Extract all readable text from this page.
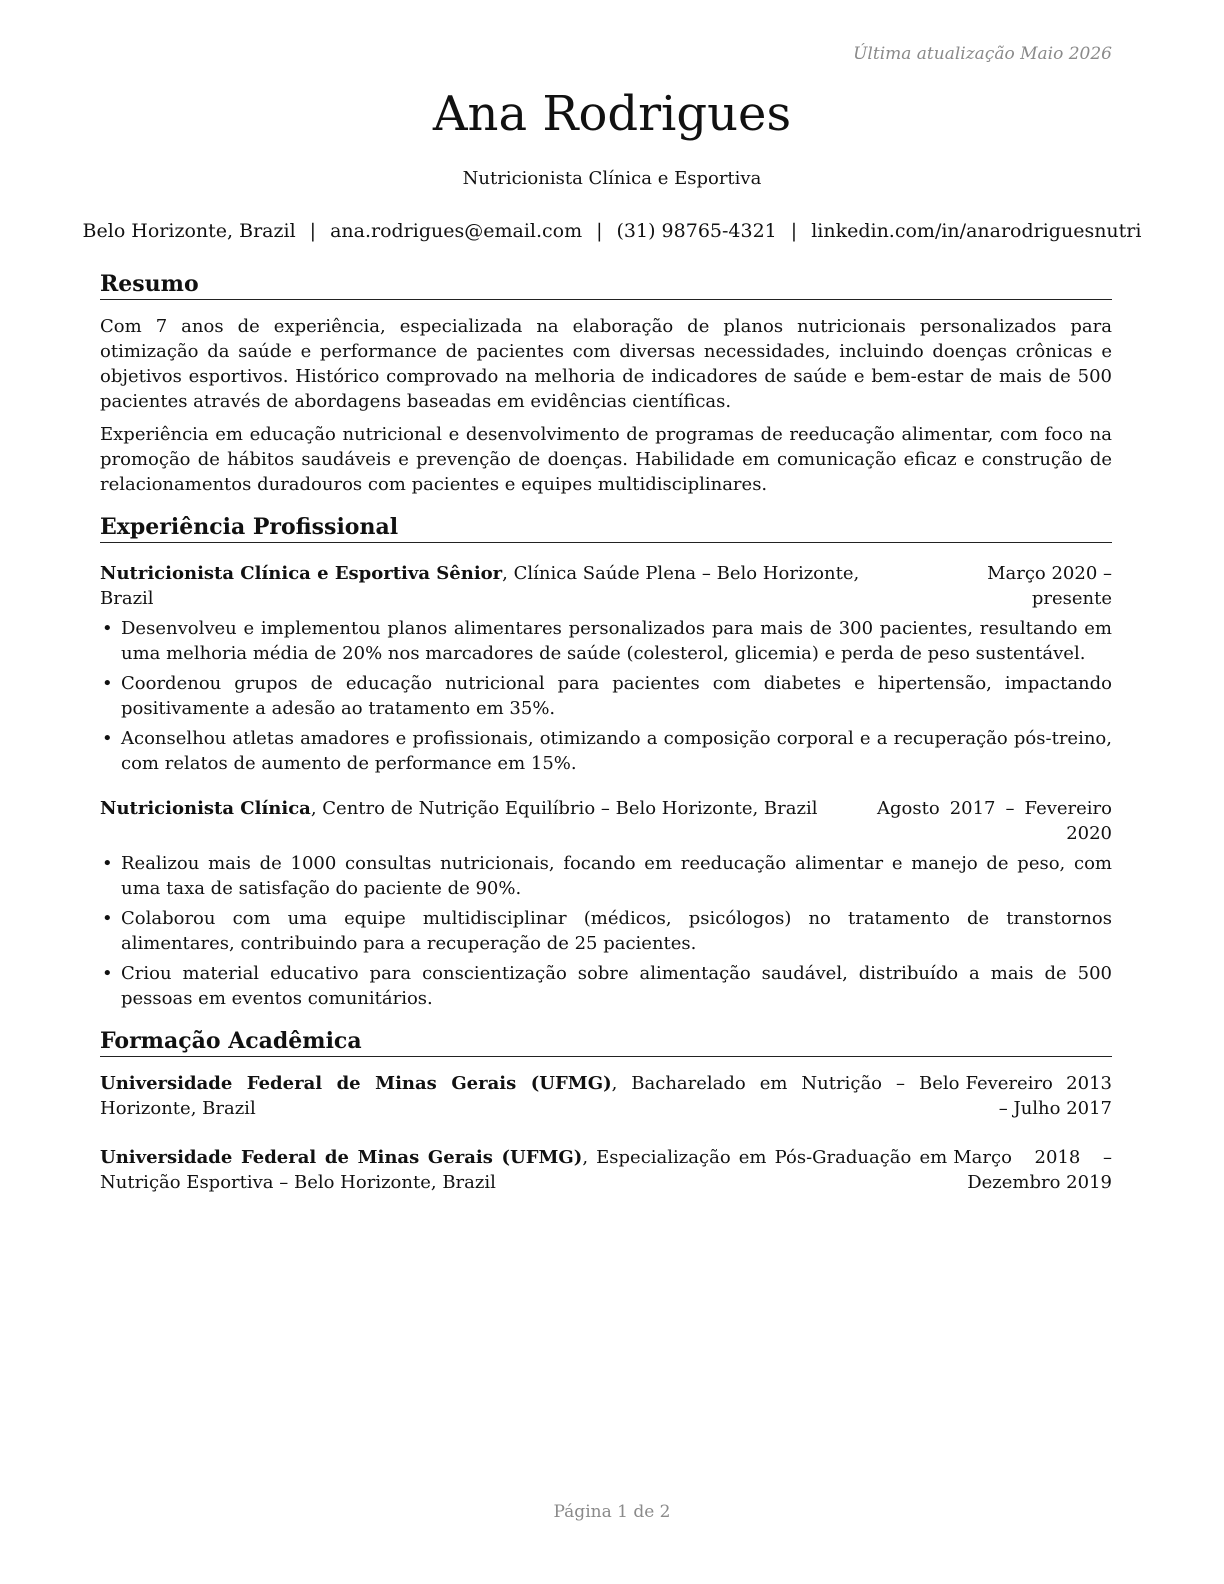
Última atualização Maio 2026
Ana Rodrigues
Nutricionista Clínica e Esportiva
Belo Horizonte, Brazil | ana.rodrigues@email.com | (31) 98765-4321 | linkedin.com/in/anarodriguesnutri
Resumo

Com 7 anos de experiência, especializada na elaboração de planos nutricionais personalizados para otimização da saúde e performance de pacientes com diversas necessidades, incluindo doenças crônicas e objetivos esportivos. Histórico comprovado na melhoria de indicadores de saúde e bem-estar de mais de 500 pacientes através de abordagens baseadas em evidências científicas.

Experiência em educação nutricional e desenvolvimento de programas de reeducação alimentar, com foco na promoção de hábitos saudáveis e prevenção de doenças. Habilidade em comunicação eficaz e construção de relacionamentos duradouros com pacientes e equipes multidisciplinares.

Experiência Profissional
Nutricionista Clínica e Esportiva Sênior, Clínica Saúde Plena – Belo Horizonte, Brazil
Março 2020 – presente
• Desenvolveu e implementou planos alimentares personalizados para mais de 300 pacientes, resultando em uma melhoria média de 20% nos marcadores de saúde (colesterol, glicemia) e perda de peso sustentável.
• Coordenou grupos de educação nutricional para pacientes com diabetes e hipertensão, impactando positivamente a adesão ao tratamento em 35%.
• Aconselhou atletas amadores e profissionais, otimizando a composição corporal e a recuperação pós-treino, com relatos de aumento de performance em 15%.
Nutricionista Clínica, Centro de Nutrição Equilíbrio – Belo Horizonte, Brazil	Agosto 2017 – Fevereiro 2020
• Realizou mais de 1000 consultas nutricionais, focando em reeducação alimentar e manejo de peso, com uma taxa de satisfação do paciente de 90%.
• Colaborou com uma equipe multidisciplinar (médicos, psicólogos) no tratamento de transtornos alimentares, contribuindo para a recuperação de 25 pacientes.
• Criou material educativo para conscientização sobre alimentação saudável, distribuído a mais de 500 pessoas em eventos comunitários.
Formação Acadêmica
Universidade Federal de Minas Gerais (UFMG), Bacharelado em Nutrição – Belo Horizonte, Brazil
Fevereiro 2013 – Julho 2017
Universidade Federal de Minas Gerais (UFMG), Especialização em Pós-Graduação em Nutrição Esportiva – Belo Horizonte, Brazil
Março 2018 – Dezembro 2019
Página 1 de 2
